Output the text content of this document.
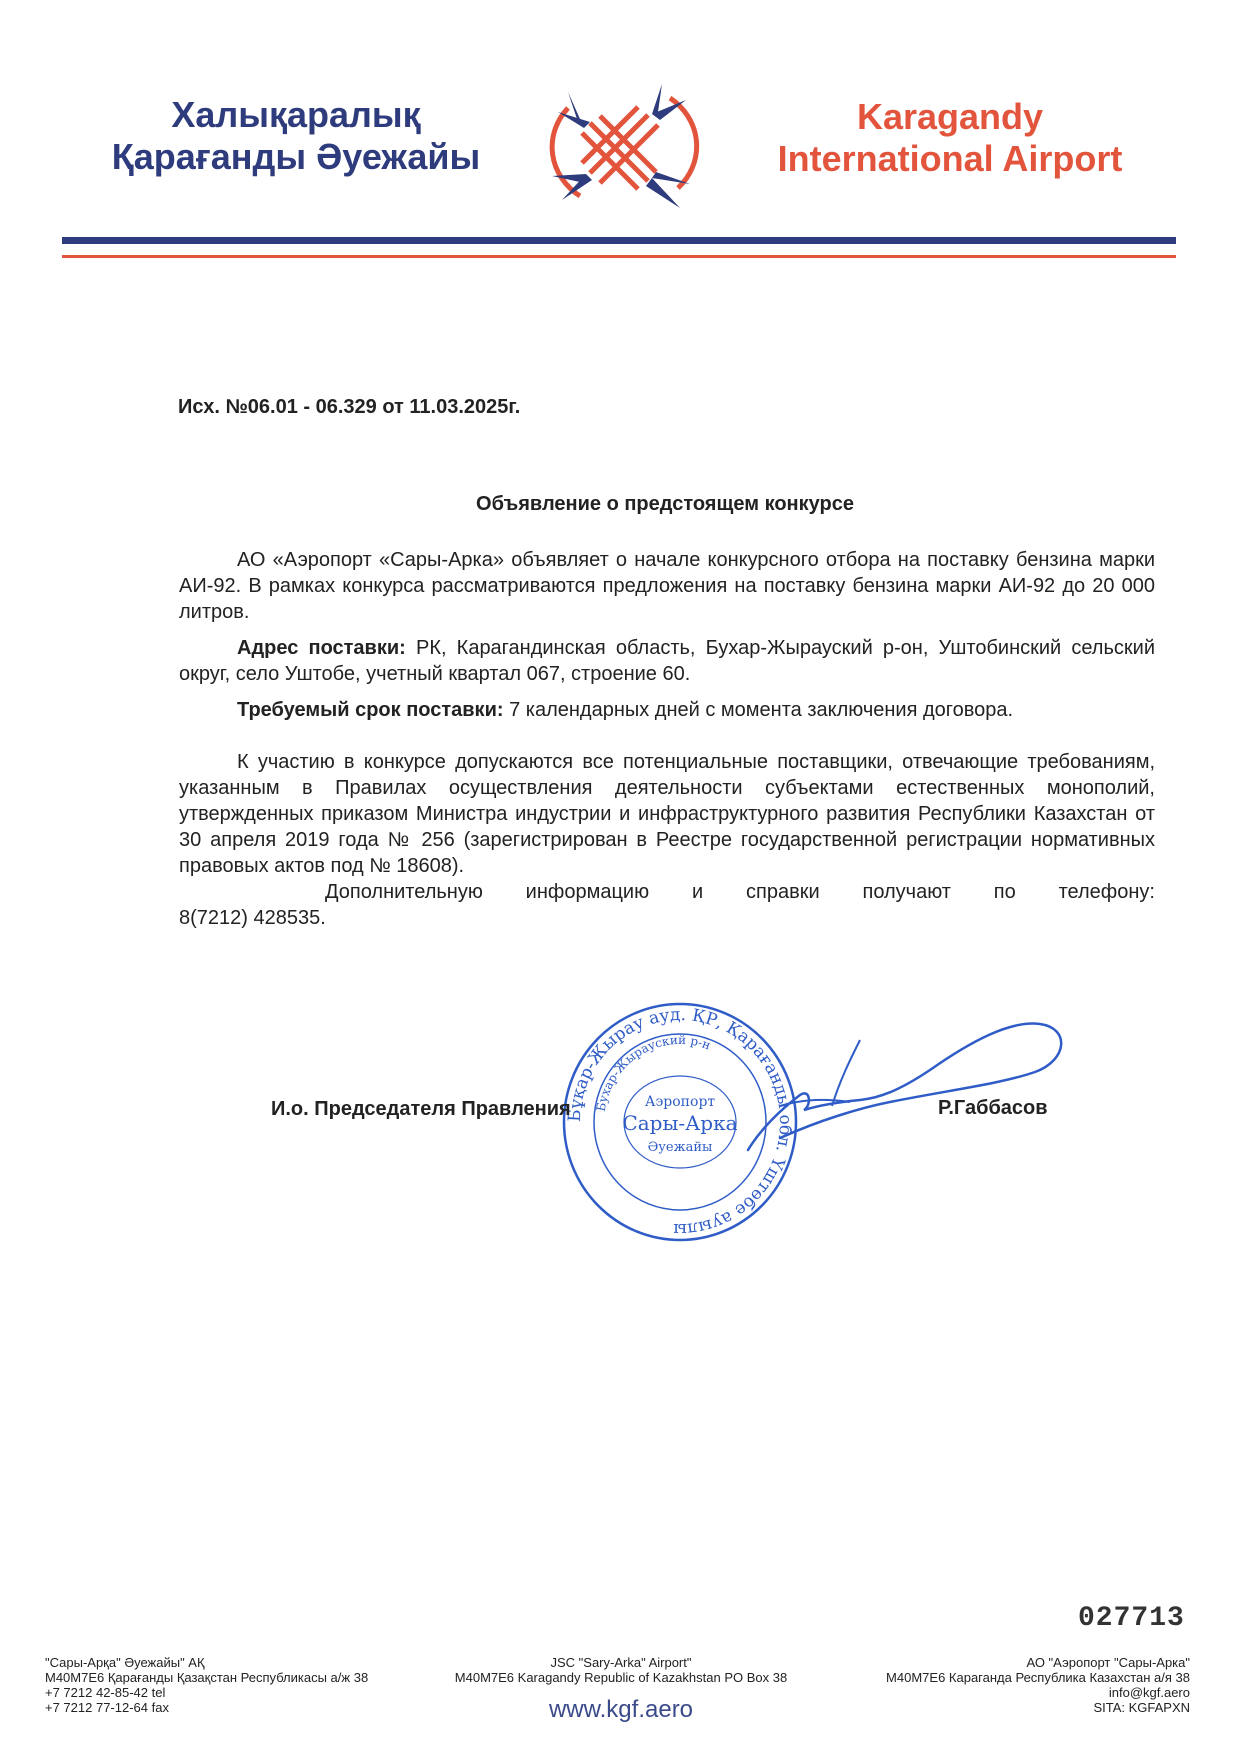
Халықаралық
Қарағанды Әуежайы
Karagandy
International Airport
Исх. №06.01 - 06.329 от 11.03.2025г.
Объявление о предстоящем конкурсе

АО «Аэропорт «Сары-Арка» объявляет о начале конкурсного отбора на поставку бензина марки АИ-92. В рамках конкурса рассматриваются предложения на поставку бензина марки АИ-92 до 20 000 литров.

Адрес поставки: РК, Карагандинская область, Бухар-Жырауский р-он, Уштобинский сельский округ, село Уштобе, учетный квартал 067, строение 60.

Требуемый срок поставки: 7 календарных дней с момента заключения договора.

К участию в конкурсе допускаются все потенциальные поставщики, отвечающие требованиям, указанным в Правилах осуществления деятельности субъектами естественных монополий, утвержденных приказом Министра индустрии и инфраструктурного развития Республики Казахстан от 30 апреля 2019 года № 256 (зарегистрирован в Реестре государственной регистрации нормативных правовых актов под № 18608).

Дополнительную информацию и справки получают по телефону:

8(7212) 428535.

Бұқар-Жырау ауд. ҚР, Қарағанды обл. Үштөбе ауылы
Бухар-Жырауский р-н
Аэропорт
Сары-Арка
Әуежайы
И.о. Председателя Правления	Р.Габбасов
027713
"Сары-Арқа" Әуежайы" АҚ
M40M7E6 Қарағанды Қазақстан Республикасы а/ж 38
+7 7212 42-85-42 tel
+7 7212 77-12-64 fax
JSC "Sary-Arka" Airport"
M40M7E6 Karagandy Republic of Kazakhstan PO Box 38
АО "Аэропорт "Сары-Арка"
M40M7E6 Караганда Республика Казахстан а/я 38
info@kgf.aero
SITA: KGFAPXN
www.kgf.aero
